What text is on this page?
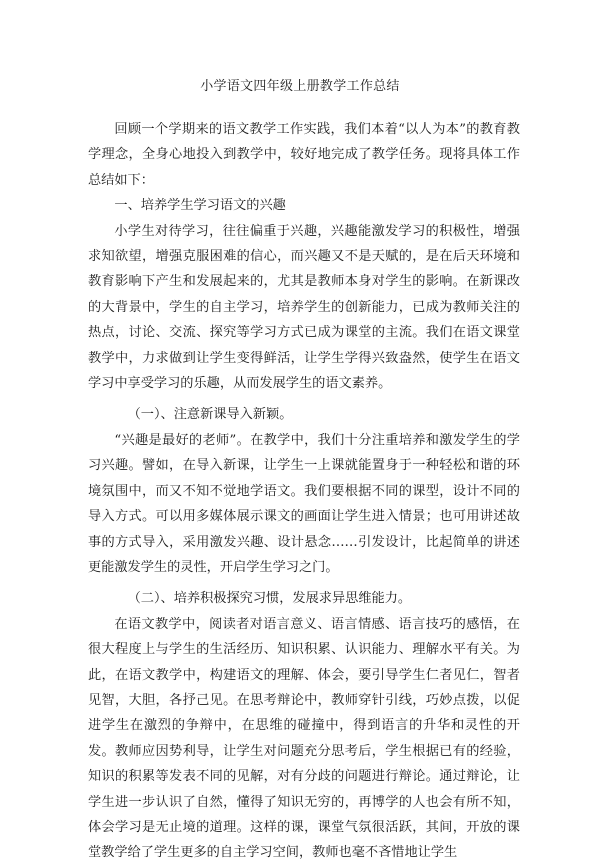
小学语文四年级上册教学工作总结

回顾一个学期来的语文教学工作实践，我们本着“以人为本”的教育教学理念，全身心地投入到教学中，较好地完成了教学任务。现将具体工作总结如下：

一、培养学生学习语文的兴趣

小学生对待学习，往往偏重于兴趣，兴趣能激发学习的积极性，增强求知欲望，增强克服困难的信心，而兴趣又不是天赋的，是在后天环境和教育影响下产生和发展起来的，尤其是教师本身对学生的影响。在新课改的大背景中，学生的自主学习，培养学生的创新能力，已成为教师关注的热点，讨论、交流、探究等学习方式已成为课堂的主流。我们在语文课堂教学中，力求做到让学生变得鲜活，让学生学得兴致盎然，使学生在语文学习中享受学习的乐趣，从而发展学生的语文素养。

（一）、注意新课导入新颖。

“兴趣是最好的老师”。在教学中，我们十分注重培养和激发学生的学习兴趣。譬如，在导入新课，让学生一上课就能置身于一种轻松和谐的环境氛围中，而又不知不觉地学语文。我们要根据不同的课型，设计不同的导入方式。可以用多媒体展示课文的画面让学生进入情景；也可用讲述故事的方式导入，采用激发兴趣、设计悬念……引发设计，比起简单的讲述更能激发学生的灵性，开启学生学习之门。

（二）、培养积极探究习惯，发展求异思维能力。

在语文教学中，阅读者对语言意义、语言情感、语言技巧的感悟，在很大程度上与学生的生活经历、知识积累、认识能力、理解水平有关。为此，在语文教学中，构建语文的理解、体会，要引导学生仁者见仁，智者见智，大胆，各抒己见。在思考辩论中，教师穿针引线，巧妙点拨，以促进学生在激烈的争辩中，在思维的碰撞中，得到语言的升华和灵性的开发。教师应因势利导，让学生对问题充分思考后，学生根据已有的经验，知识的积累等发表不同的见解，对有分歧的问题进行辩论。通过辩论，让学生进一步认识了自然，懂得了知识无穷的，再博学的人也会有所不知，体会学习是无止境的道理。这样的课，课堂气氛很活跃，其间，开放的课堂教学给了学生更多的自主学习空间，教师也毫不吝惜地让学生
